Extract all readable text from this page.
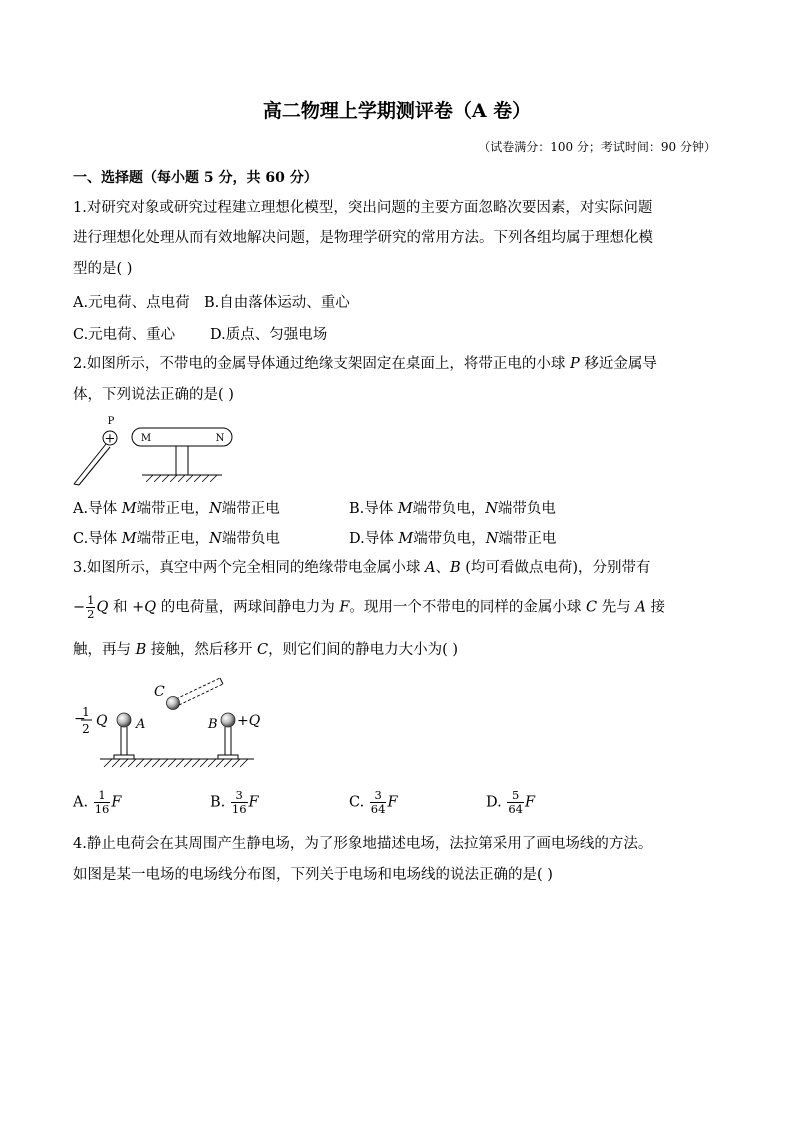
高二物理上学期测评卷（A 卷）
（试卷满分：100 分；考试时间：90 分钟）
一、选择题（每小题 5 分，共 60 分）
1.对研究对象或研究过程建立理想化模型，突出问题的主要方面忽略次要因素，对实际问题
进行理想化处理从而有效地解决问题，是物理学研究的常用方法。下列各组均属于理想化模
型的是( )
A.元电荷、点电荷 B.自由落体运动、重心
C.元电荷、重心 D.质点、匀强电场
2.如图所示，不带电的金属导体通过绝缘支架固定在桌面上，将带正电的小球 P 移近金属导
体，下列说法正确的是( )
+
P
M	N
A.导体 M端带正电，N端带正电	B.导体 M端带负电，N端带负电
C.导体 M端带正电，N端带负电	D.导体 M端带负电，N端带正电
3.如图所示，真空中两个完全相同的绝缘带电金属小球 A、B (均可看做点电荷)，分别带有
− $\frac{1}{2}$ Q 和 +Q 的电荷量，两球间静电力为 F。现用一个不带电的同样的金属小球 C 先与 A 接
触，再与 B 接触，然后移开 C，则它们间的静电力大小为( )
−
1
2 Q A	B +Q
C
A. $\frac{1}{16}$ F	B. $\frac{3}{16}$ F	C. $\frac{3}{64}$ F	D. $\frac{5}{64}$ F
4.静止电荷会在其周围产生静电场，为了形象地描述电场，法拉第采用了画电场线的方法。
如图是某一电场的电场线分布图，下列关于电场和电场线的说法正确的是( )
